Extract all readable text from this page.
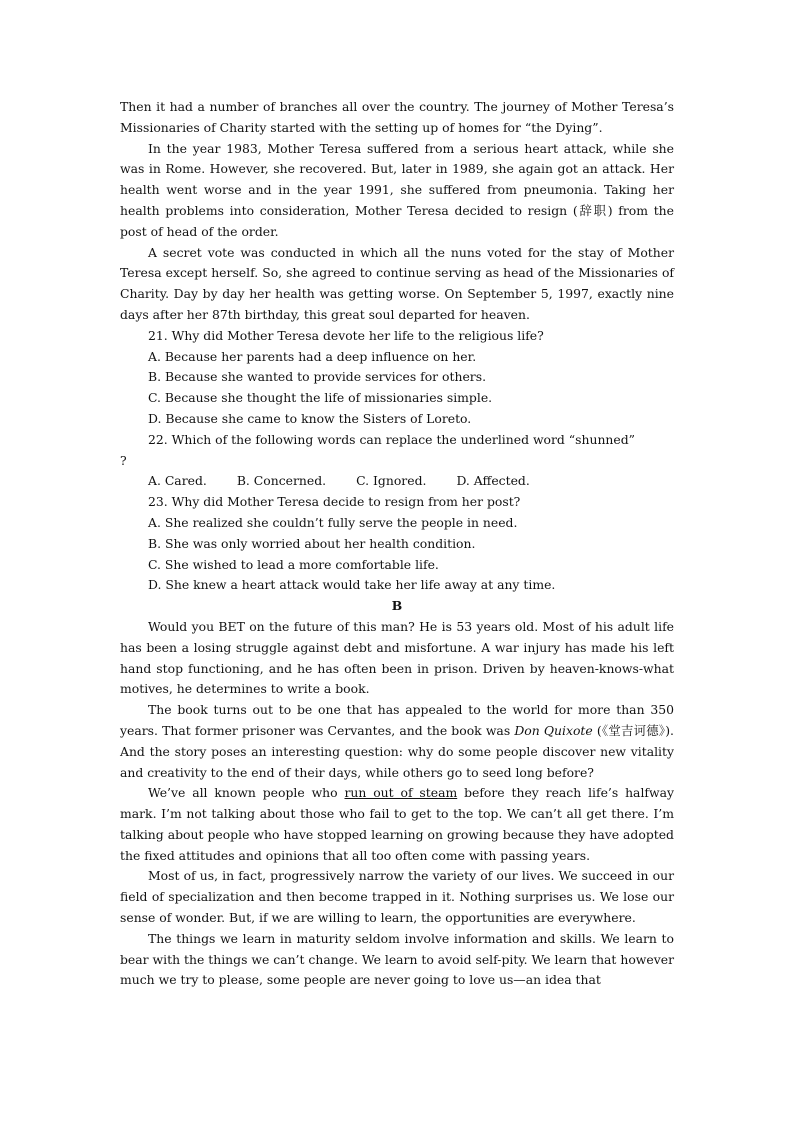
Then it had a number of branches all over the country. The journey of Mother Teresa’s Missionaries of Charity started with the setting up of homes for “the Dying”.

In the year 1983, Mother Teresa suffered from a serious heart attack, while she was in Rome. However, she recovered. But, later in 1989, she again got an attack. Her health went worse and in the year 1991, she suffered from pneumonia. Taking her health problems into consideration, Mother Teresa decided to resign (辞职) from the post of head of the order.

A secret vote was conducted in which all the nuns voted for the stay of Mother Teresa except herself. So, she agreed to continue serving as head of the Missionaries of Charity. Day by day her health was getting worse. On September 5, 1997, exactly nine days after her 87th birthday, this great soul departed for heaven.

21. Why did Mother Teresa devote her life to the religious life?

A. Because her parents had a deep influence on her.

B. Because she wanted to provide services for others.

C. Because she thought the life of missionaries simple.

D. Because she came to know the Sisters of Loreto.

22. Which of the following words can replace the underlined word “shunned”

?

A. Cared. B. Concerned. C. Ignored. D. Affected.

23. Why did Mother Teresa decide to resign from her post?

A. She realized she couldn’t fully serve the people in need.

B. She was only worried about her health condition.

C. She wished to lead a more comfortable life.

D. She knew a heart attack would take her life away at any time.

B

Would you BET on the future of this man? He is 53 years old. Most of his adult life has been a losing struggle against debt and misfortune. A war injury has made his left hand stop functioning, and he has often been in prison. Driven by heaven-knows-what motives, he determines to write a book.

The book turns out to be one that has appealed to the world for more than 350 years. That former prisoner was Cervantes, and the book was Don Quixote (《堂吉诃德》). And the story poses an interesting question: why do some people discover new vitality and creativity to the end of their days, while others go to seed long before?

We’ve all known people who run out of steam before they reach life’s halfway mark. I’m not talking about those who fail to get to the top. We can’t all get there. I’m talking about people who have stopped learning on growing because they have adopted the fixed attitudes and opinions that all too often come with passing years.

Most of us, in fact, progressively narrow the variety of our lives. We succeed in our field of specialization and then become trapped in it. Nothing surprises us. We lose our sense of wonder. But, if we are willing to learn, the opportunities are everywhere.

The things we learn in maturity seldom involve information and skills. We learn to bear with the things we can’t change. We learn to avoid self-pity. We learn that however much we try to please, some people are never going to love us—an idea that
